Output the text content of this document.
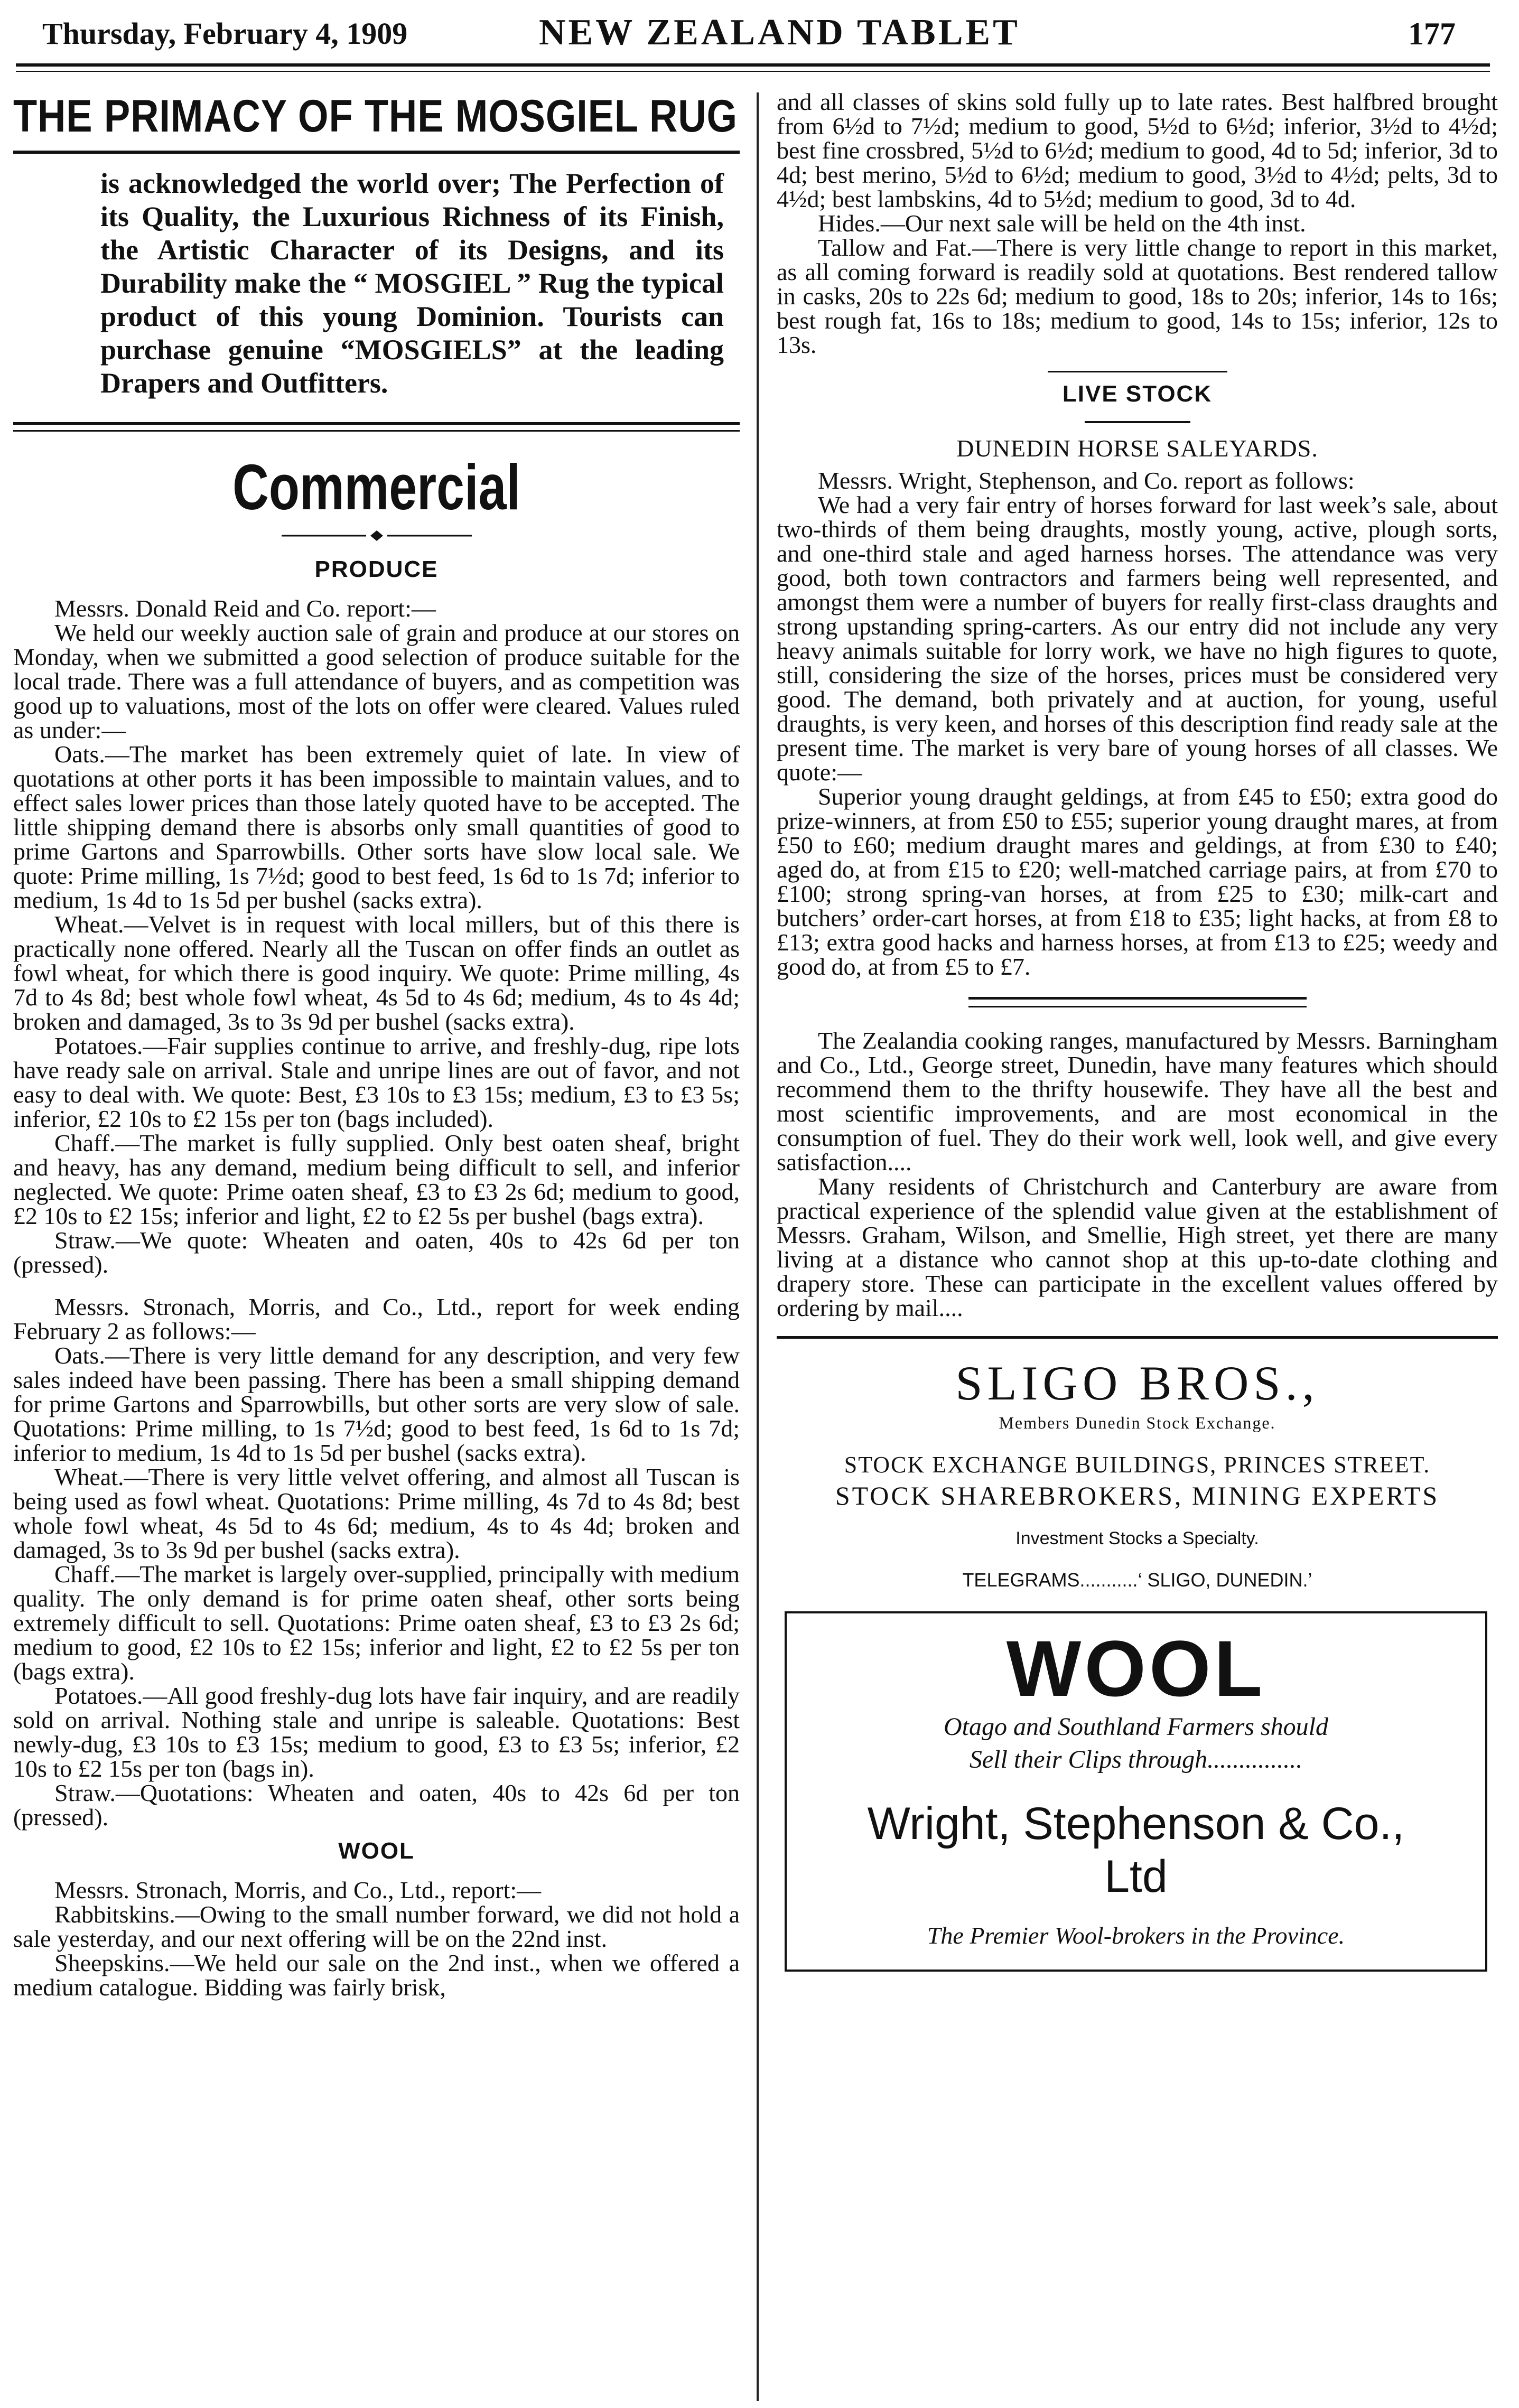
Thursday, February 4, 1909	NEW ZEALAND TABLET	177
THE PRIMACY OF THE MOSGIEL RUG

is acknowledged the world over; The Perfection of its Quality, the Luxurious Richness of its Finish, the Artistic Character of its Designs, and its Durability make the “ MOSGIEL ” Rug the typical product of this young Dominion. Tourists can purchase genuine “MOSGIELS” at the leading Drapers and Outfitters.

Commercial
PRODUCE

Messrs. Donald Reid and Co. report:—

We held our weekly auction sale of grain and produce at our stores on Monday, when we submitted a good selection of produce suitable for the local trade. There was a full attendance of buyers, and as competition was good up to valuations, most of the lots on offer were cleared. Values ruled as under:—

Oats.—The market has been extremely quiet of late. In view of quotations at other ports it has been impossible to maintain values, and to effect sales lower prices than those lately quoted have to be accepted. The little shipping demand there is absorbs only small quantities of good to prime Gartons and Sparrowbills. Other sorts have slow local sale. We quote: Prime milling, 1s 7½d; good to best feed, 1s 6d to 1s 7d; inferior to medium, 1s 4d to 1s 5d per bushel (sacks extra).

Wheat.—Velvet is in request with local millers, but of this there is practically none offered. Nearly all the Tuscan on offer finds an outlet as fowl wheat, for which there is good inquiry. We quote: Prime milling, 4s 7d to 4s 8d; best whole fowl wheat, 4s 5d to 4s 6d; medium, 4s to 4s 4d; broken and damaged, 3s to 3s 9d per bushel (sacks extra).

Potatoes.—Fair supplies continue to arrive, and freshly-dug, ripe lots have ready sale on arrival. Stale and unripe lines are out of favor, and not easy to deal with. We quote: Best, £3 10s to £3 15s; medium, £3 to £3 5s; inferior, £2 10s to £2 15s per ton (bags included).

Chaff.—The market is fully supplied. Only best oaten sheaf, bright and heavy, has any demand, medium being difficult to sell, and inferior neglected. We quote: Prime oaten sheaf, £3 to £3 2s 6d; medium to good, £2 10s to £2 15s; inferior and light, £2 to £2 5s per bushel (bags extra).

Straw.—We quote: Wheaten and oaten, 40s to 42s 6d per ton (pressed).

Messrs. Stronach, Morris, and Co., Ltd., report for week ending February 2 as follows:—

Oats.—There is very little demand for any description, and very few sales indeed have been passing. There has been a small shipping demand for prime Gartons and Sparrowbills, but other sorts are very slow of sale. Quotations: Prime milling, to 1s 7½d; good to best feed, 1s 6d to 1s 7d; inferior to medium, 1s 4d to 1s 5d per bushel (sacks extra).

Wheat.—There is very little velvet offering, and almost all Tuscan is being used as fowl wheat. Quotations: Prime milling, 4s 7d to 4s 8d; best whole fowl wheat, 4s 5d to 4s 6d; medium, 4s to 4s 4d; broken and damaged, 3s to 3s 9d per bushel (sacks extra).

Chaff.—The market is largely over-supplied, principally with medium quality. The only demand is for prime oaten sheaf, other sorts being extremely difficult to sell. Quotations: Prime oaten sheaf, £3 to £3 2s 6d; medium to good, £2 10s to £2 15s; inferior and light, £2 to £2 5s per ton (bags extra).

Potatoes.—All good freshly-dug lots have fair inquiry, and are readily sold on arrival. Nothing stale and unripe is saleable. Quotations: Best newly-dug, £3 10s to £3 15s; medium to good, £3 to £3 5s; inferior, £2 10s to £2 15s per ton (bags in).

Straw.—Quotations: Wheaten and oaten, 40s to 42s 6d per ton (pressed).

WOOL

Messrs. Stronach, Morris, and Co., Ltd., report:—

Rabbitskins.—Owing to the small number forward, we did not hold a sale yesterday, and our next offering will be on the 22nd inst.

Sheepskins.—We held our sale on the 2nd inst., when we offered a medium catalogue. Bidding was fairly brisk,

and all classes of skins sold fully up to late rates. Best halfbred brought from 6½d to 7½d; medium to good, 5½d to 6½d; inferior, 3½d to 4½d; best fine crossbred, 5½d to 6½d; medium to good, 4d to 5d; inferior, 3d to 4d; best merino, 5½d to 6½d; medium to good, 3½d to 4½d; pelts, 3d to 4½d; best lambskins, 4d to 5½d; medium to good, 3d to 4d.

Hides.—Our next sale will be held on the 4th inst.

Tallow and Fat.—There is very little change to report in this market, as all coming forward is readily sold at quotations. Best rendered tallow in casks, 20s to 22s 6d; medium to good, 18s to 20s; inferior, 14s to 16s; best rough fat, 16s to 18s; medium to good, 14s to 15s; inferior, 12s to 13s.

LIVE STOCK
DUNEDIN HORSE SALEYARDS.

Messrs. Wright, Stephenson, and Co. report as follows:

We had a very fair entry of horses forward for last week’s sale, about two-thirds of them being draughts, mostly young, active, plough sorts, and one-third stale and aged harness horses. The attendance was very good, both town contractors and farmers being well represented, and amongst them were a number of buyers for really first-class draughts and strong upstanding spring-carters. As our entry did not include any very heavy animals suitable for lorry work, we have no high figures to quote, still, considering the size of the horses, prices must be considered very good. The demand, both privately and at auction, for young, useful draughts, is very keen, and horses of this description find ready sale at the present time. The market is very bare of young horses of all classes. We quote:—

Superior young draught geldings, at from £45 to £50; extra good do prize-winners, at from £50 to £55; superior young draught mares, at from £50 to £60; medium draught mares and geldings, at from £30 to £40; aged do, at from £15 to £20; well-matched carriage pairs, at from £70 to £100; strong spring-van horses, at from £25 to £30; milk-cart and butchers’ order-cart horses, at from £18 to £35; light hacks, at from £8 to £13; extra good hacks and harness horses, at from £13 to £25; weedy and good do, at from £5 to £7.

The Zealandia cooking ranges, manufactured by Messrs. Barningham and Co., Ltd., George street, Dunedin, have many features which should recommend them to the thrifty housewife. They have all the best and most scientific improvements, and are most economical in the consumption of fuel. They do their work well, look well, and give every satisfaction....

Many residents of Christchurch and Canterbury are aware from practical experience of the splendid value given at the establishment of Messrs. Graham, Wilson, and Smellie, High street, yet there are many living at a distance who cannot shop at this up-to-date clothing and drapery store. These can participate in the excellent values offered by ordering by mail....

SLIGO BROS.,
Members Dunedin Stock Exchange.
STOCK EXCHANGE BUILDINGS, PRINCES STREET.
STOCK SHAREBROKERS, MINING EXPERTS
Investment Stocks a Specialty.
TELEGRAMS...........‘ SLIGO, DUNEDIN.’
WOOL
Otago and Southland Farmers should
Sell their Clips through...............
Wright, Stephenson & Co.,
Ltd
The Premier Wool-brokers in the Province.
